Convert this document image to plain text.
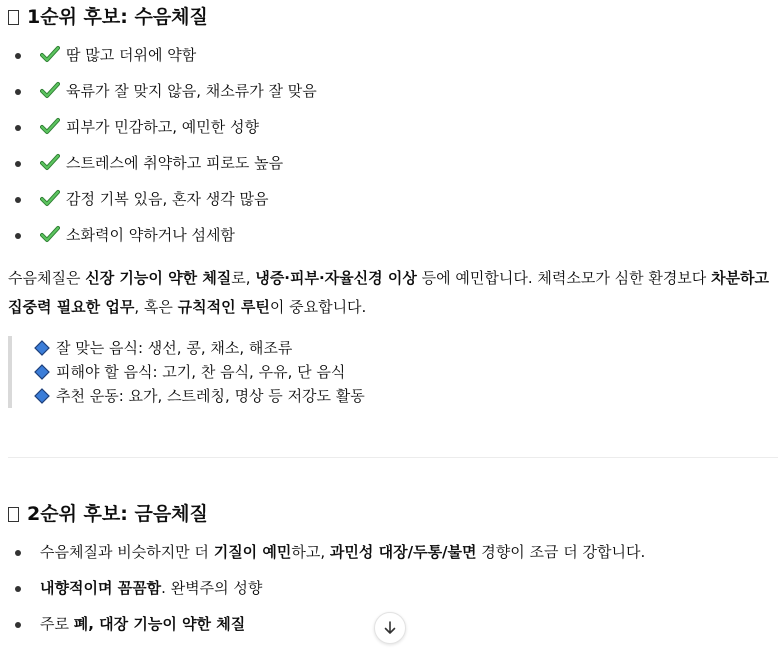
1순위 후보: 수음체질
땀 많고 더위에 약함
육류가 잘 맞지 않음, 채소류가 잘 맞음
피부가 민감하고, 예민한 성향
스트레스에 취약하고 피로도 높음
감정 기복 있음, 혼자 생각 많음
소화력이 약하거나 섬세함
수음체질은 신장 기능이 약한 체질로, 냉증·피부·자율신경 이상 등에 예민합니다. 체력소모가 심한 환경보다 차분하고 집중력 필요한 업무, 혹은 규칙적인 루틴이 중요합니다.
잘 맞는 음식: 생선, 콩, 채소, 해조류
피해야 할 음식: 고기, 찬 음식, 우유, 단 음식
추천 운동: 요가, 스트레칭, 명상 등 저강도 활동
2순위 후보: 금음체질
수음체질과 비슷하지만 더 기질이 예민하고, 과민성 대장/두통/불면 경향이 조금 더 강합니다.
내향적이며 꼼꼼함. 완벽주의 성향
주로 폐, 대장 기능이 약한 체질
